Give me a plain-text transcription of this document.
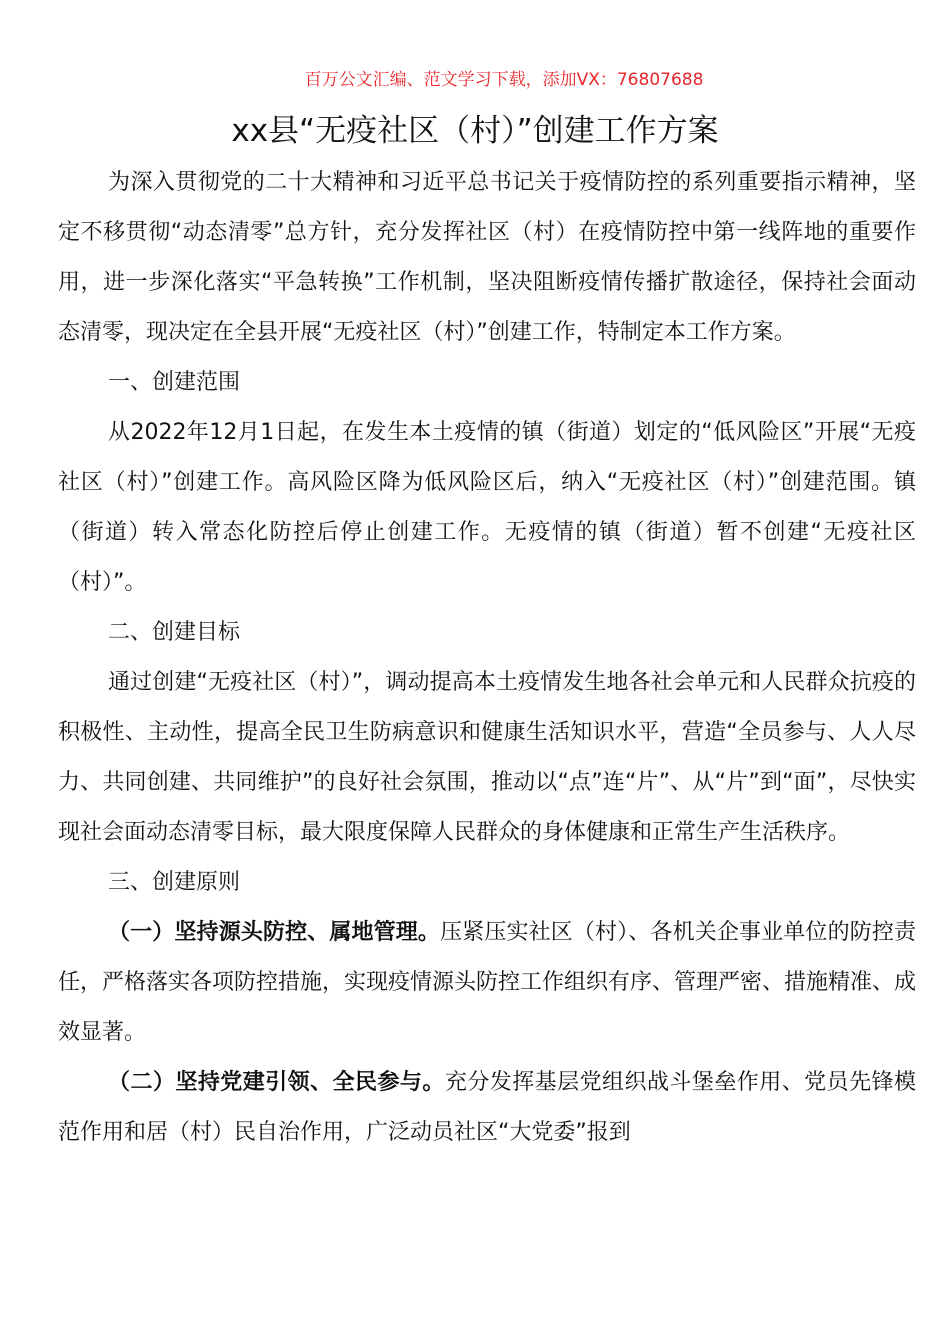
百万公文汇编、范文学习下载，添加VX：76807688
xx县“无疫社区（村）”创建工作方案

为深入贯彻党的二十大精神和习近平总书记关于疫情防控的系列重要指示精神，坚定不移贯彻“动态清零”总方针，充分发挥社区（村）在疫情防控中第一线阵地的重要作用，进一步深化落实“平急转换”工作机制，坚决阻断疫情传播扩散途径，保持社会面动态清零，现决定在全县开展“无疫社区（村）”创建工作，特制定本工作方案。

一、创建范围

从2022年12月1日起，在发生本土疫情的镇（街道）划定的“低风险区”开展“无疫社区（村）”创建工作。高风险区降为低风险区后，纳入“无疫社区（村）”创建范围。镇（街道）转入常态化防控后停止创建工作。无疫情的镇（街道）暂不创建“无疫社区（村）”。

二、创建目标

通过创建“无疫社区（村）”，调动提高本土疫情发生地各社会单元和人民群众抗疫的积极性、主动性，提高全民卫生防病意识和健康生活知识水平，营造“全员参与、人人尽力、共同创建、共同维护”的良好社会氛围，推动以“点”连“片”、从“片”到“面”，尽快实现社会面动态清零目标，最大限度保障人民群众的身体健康和正常生产生活秩序。

三、创建原则

（一）坚持源头防控、属地管理。压紧压实社区（村）、各机关企事业单位的防控责任，严格落实各项防控措施，实现疫情源头防控工作组织有序、管理严密、措施精准、成效显著。

（二）坚持党建引领、全民参与。充分发挥基层党组织战斗堡垒作用、党员先锋模范作用和居（村）民自治作用，广泛动员社区“大党委”报到
